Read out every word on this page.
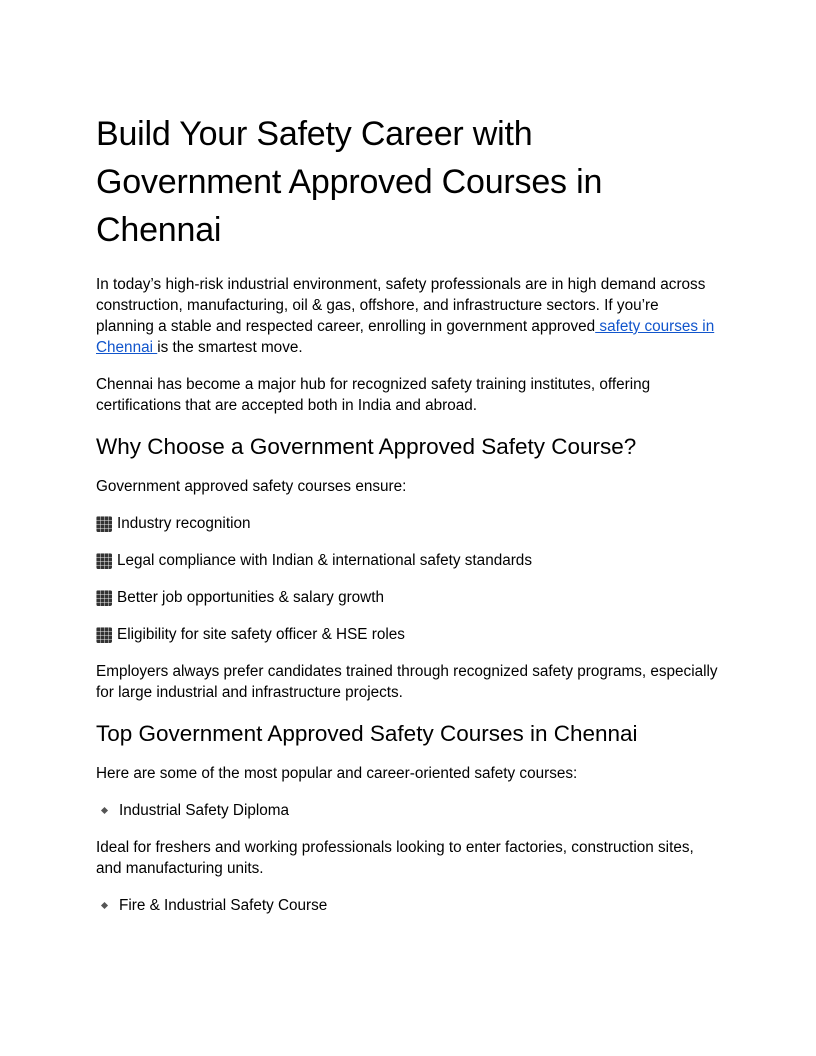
Build Your Safety Career with Government Approved Courses in Chennai

In today’s high-risk industrial environment, safety professionals are in high demand across construction, manufacturing, oil & gas, offshore, and infrastructure sectors. If you’re planning a stable and respected career, enrolling in government approved safety courses in Chennai is the smartest move.

Chennai has become a major hub for recognized safety training institutes, offering certifications that are accepted both in India and abroad.

Why Choose a Government Approved Safety Course?

Government approved safety courses ensure:

Industry recognition
Legal compliance with Indian & international safety standards
Better job opportunities & salary growth
Eligibility for site safety officer & HSE roles

Employers always prefer candidates trained through recognized safety programs, especially for large industrial and infrastructure projects.

Top Government Approved Safety Courses in Chennai

Here are some of the most popular and career-oriented safety courses:

Industrial Safety Diploma

Ideal for freshers and working professionals looking to enter factories, construction sites, and manufacturing units.

Fire & Industrial Safety Course
